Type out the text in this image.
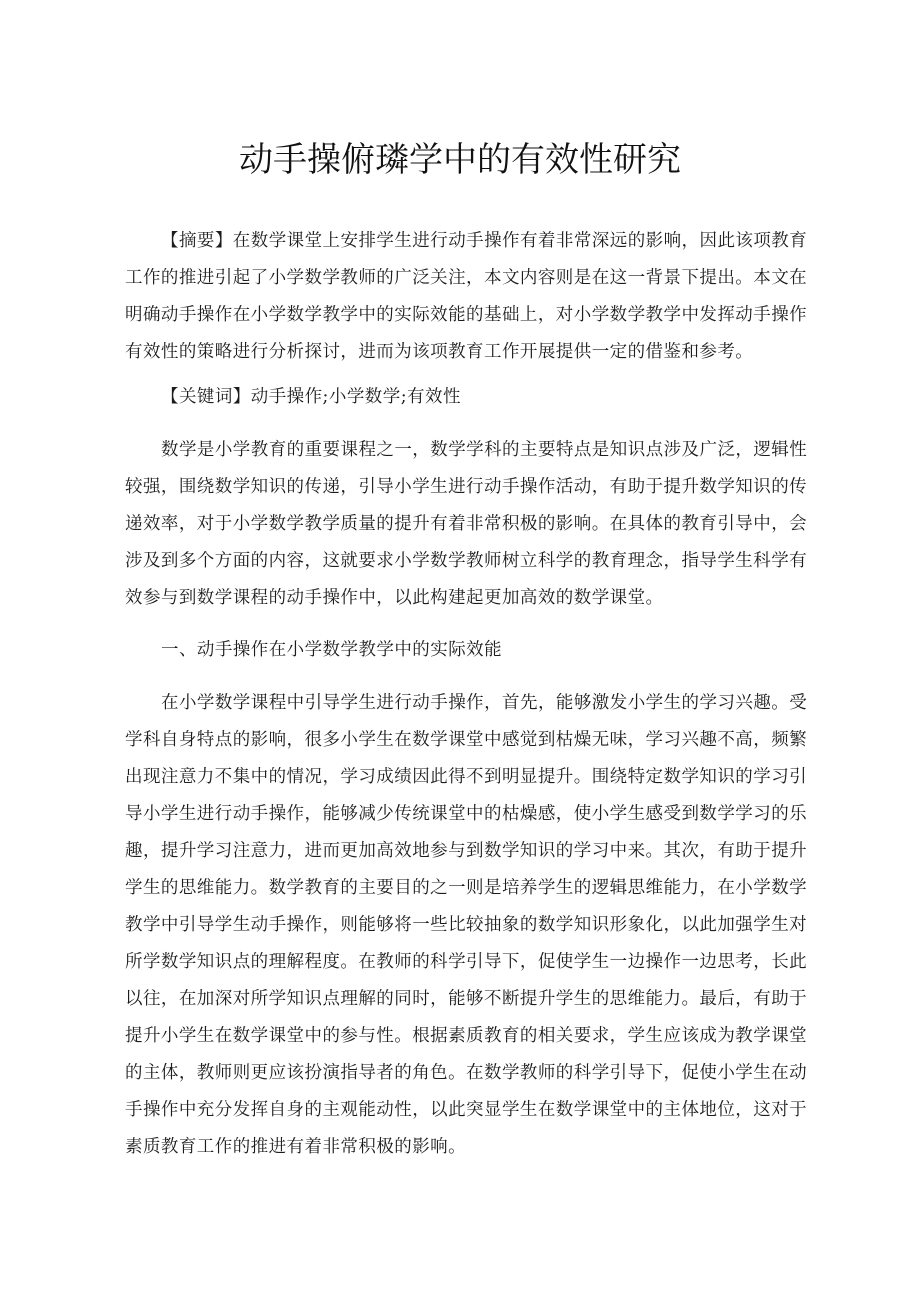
动手操俯璘学中的有效性研究
【摘要】在数学课堂上安排学生进行动手操作有着非常深远的影响，因此该项教育
工作的推进引起了小学数学教师的广泛关注，本文内容则是在这一背景下提出。本文在
明确动手操作在小学数学教学中的实际效能的基础上，对小学数学教学中发挥动手操作
有效性的策略进行分析探讨，进而为该项教育工作开展提供一定的借鉴和参考。
【关键词】动手操作;小学数学;有效性
数学是小学教育的重要课程之一，数学学科的主要特点是知识点涉及广泛，逻辑性
较强，围绕数学知识的传递，引导小学生进行动手操作活动，有助于提升数学知识的传
递效率，对于小学数学教学质量的提升有着非常积极的影响。在具体的教育引导中，会
涉及到多个方面的内容，这就要求小学数学教师树立科学的教育理念，指导学生科学有
效参与到数学课程的动手操作中，以此构建起更加高效的数学课堂。
一、动手操作在小学数学教学中的实际效能
在小学数学课程中引导学生进行动手操作，首先，能够激发小学生的学习兴趣。受
学科自身特点的影响，很多小学生在数学课堂中感觉到枯燥无味，学习兴趣不高，频繁
出现注意力不集中的情况，学习成绩因此得不到明显提升。围绕特定数学知识的学习引
导小学生进行动手操作，能够减少传统课堂中的枯燥感，使小学生感受到数学学习的乐
趣，提升学习注意力，进而更加高效地参与到数学知识的学习中来。其次，有助于提升
学生的思维能力。数学教育的主要目的之一则是培养学生的逻辑思维能力，在小学数学
教学中引导学生动手操作，则能够将一些比较抽象的数学知识形象化，以此加强学生对
所学数学知识点的理解程度。在教师的科学引导下，促使学生一边操作一边思考，长此
以往，在加深对所学知识点理解的同时，能够不断提升学生的思维能力。最后，有助于
提升小学生在数学课堂中的参与性。根据素质教育的相关要求，学生应该成为教学课堂
的主体，教师则更应该扮演指导者的角色。在数学教师的科学引导下，促使小学生在动
手操作中充分发挥自身的主观能动性，以此突显学生在数学课堂中的主体地位，这对于
素质教育工作的推进有着非常积极的影响。
